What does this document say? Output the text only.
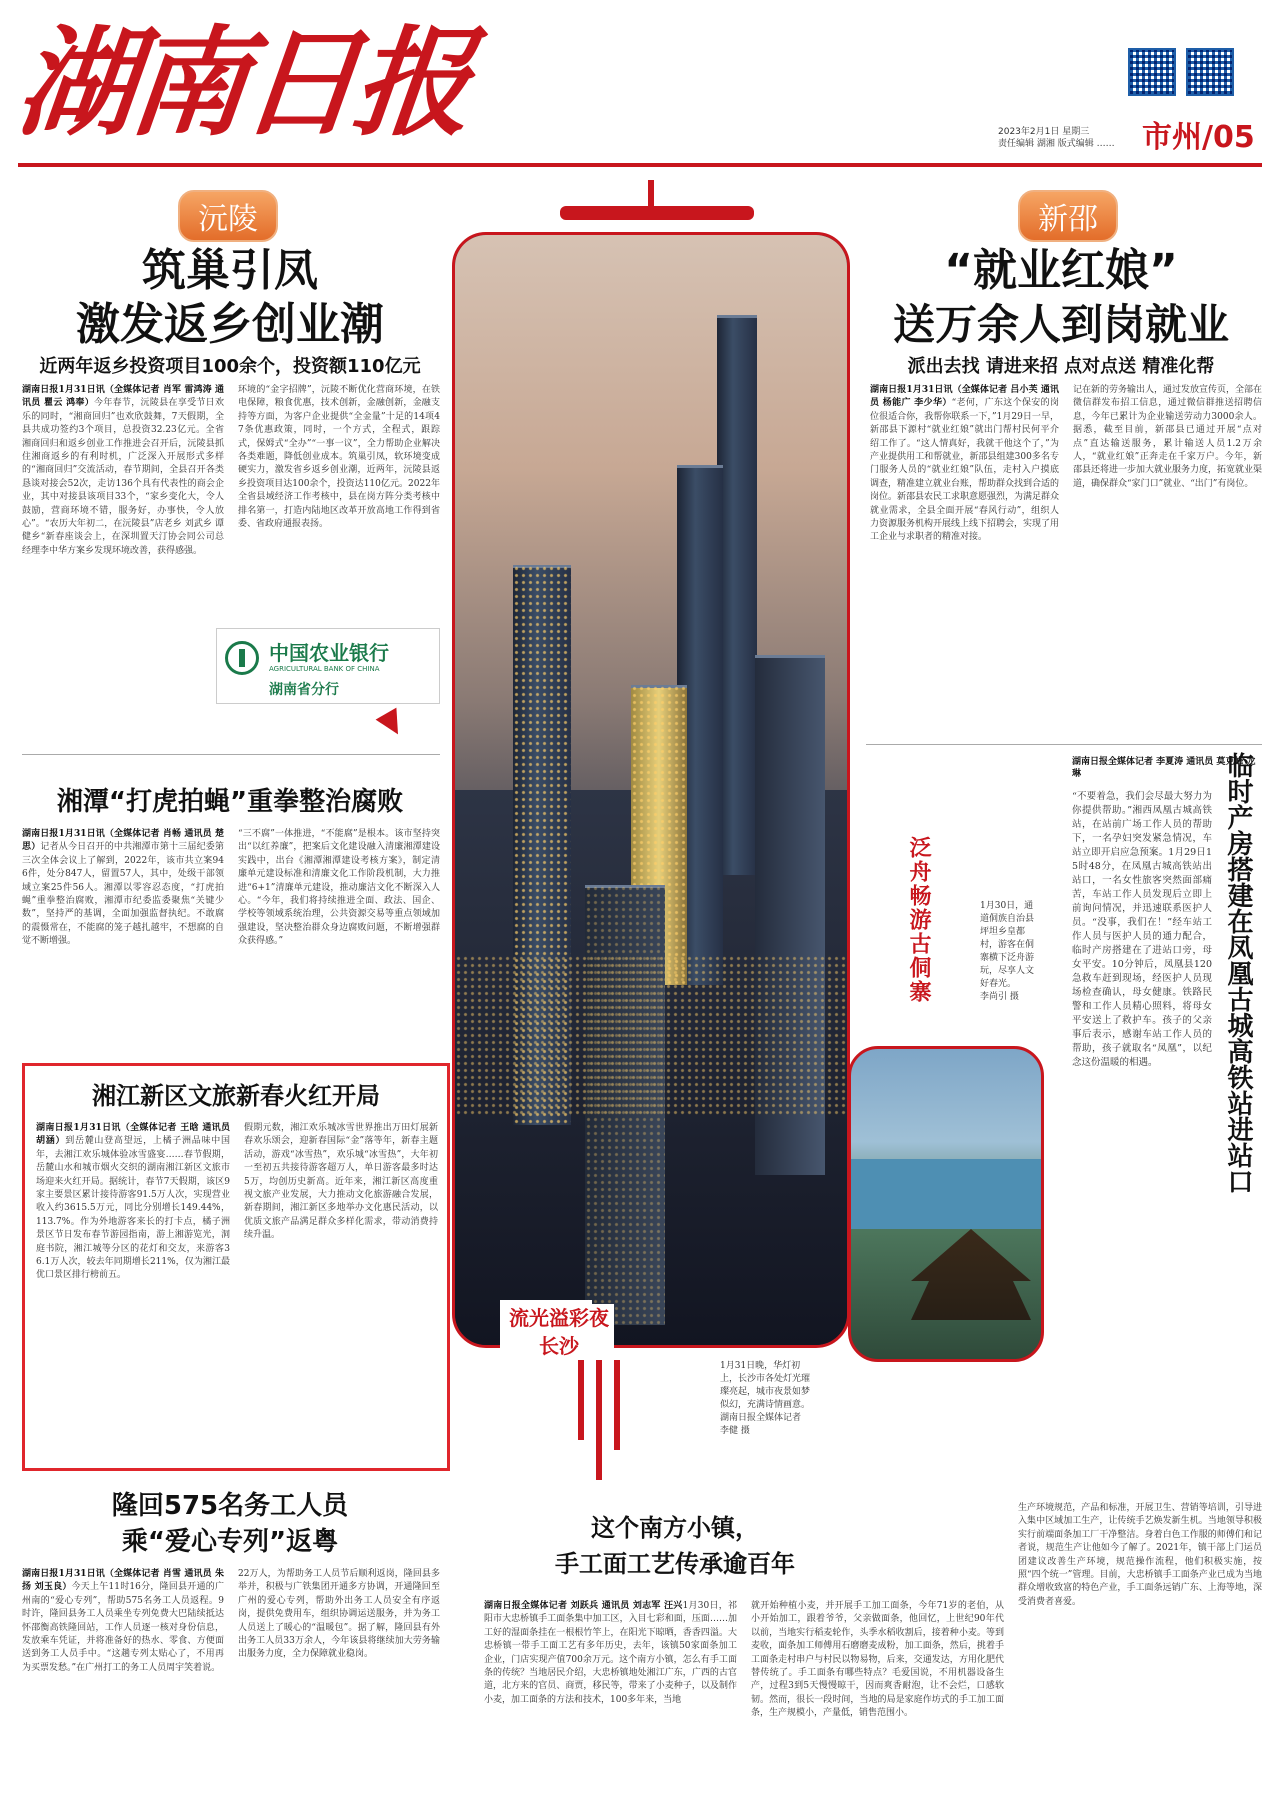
湖南日报	2023年2月1日 星期三
责任编辑 湖湘 版式编辑 …… 市州/05
沅陵
筑巢引凤
激发返乡创业潮
近两年返乡投资项目100余个，投资额110亿元
湖南日报1月31日讯（全媒体记者 肖军 雷鸿涛 通讯员 瞿云 鸿奉）今年春节，沅陵县在享受节日欢乐的同时，“湘商回归”也欢欣鼓舞，7天假期，全县共成功签约3个项目，总投资32.23亿元。全省湘商回归和返乡创业工作推进会召开后，沅陵县抓住湘商返乡的有利时机，广泛深入开展形式多样的“湘商回归”交流活动，春节期间，全县召开各类恳谈对接会52次，走访136个具有代表性的商会企业，其中对接县该项目33个，“家乡变化大，令人鼓励，营商环境不错，服务好，办事快，令人放心”。“农历大年初二，在沅陵县”店老乡 刘武乡 谭健乡“新春座谈会上，在深圳置天汀协会同公司总经理李中华方案乡发现环境改善，获得感强。
环境的“金字招牌”，沅陵不断优化营商环境，在铁电保障，粮食优惠，技术创新，金融创新，金融支持等方面，为客户企业提供“全金量”十足的14项47条优惠政策，同时，一个方式，全程式，跟踪式，保姆式“全办”“一事一议”，全力帮助企业解决各类难题，降低创业成本。筑巢引凤，软环境变成硬实力，激发省乡返乡创业潮，近两年，沅陵县返乡投资项目达100余个，投资达110亿元。2022年全省县域经济工作考核中，县在岗方阵分类考核中排名第一，打造内陆地区改革开放高地工作得到省委、省政府通报表扬。
中国农业银行
AGRICULTURAL BANK OF CHINA
湖南省分行
湘潭“打虎拍蝇”重拳整治腐败
湖南日报1月31日讯（全媒体记者 肖畅 通讯员 楚思）记者从今日召开的中共湘潭市第十三届纪委第三次全体会议上了解到，2022年，该市共立案946件，处分847人，留置57人，其中，处级干部领域立案25件56人。湘潭以零容忍态度，“打虎拍蝇”重拳整治腐败，湘潭市纪委监委聚焦“关键少数”，坚持严的基调，全面加强监督执纪。不敢腐的震慑常在，不能腐的笼子越扎越牢，不想腐的自觉不断增强。
“三不腐”一体推进，“不能腐”是根本。该市坚持突出“以红养廉”，把案后文化建设融入清廉湘潭建设实践中，出台《湘潭湘潭建设考核方案》，制定清廉单元建设标准和清廉文化工作阶段机制，大力推进“6+1”清廉单元建设，推动廉洁文化不断深入人心。“今年，我们将持续推进全面、政法、国企、学校等领域系统治理，公共资源交易等重点领域加强建设，坚决整治群众身边腐败问题，不断增强群众获得感。”
湘江新区文旅新春火红开局
湖南日报1月31日讯（全媒体记者 王晗 通讯员 胡涵）到岳麓山登高望远，上橘子洲品味中国年，去湘江欢乐城体验冰雪盛宴……春节假期，岳麓山水和城市烟火交织的湖南湘江新区文旅市场迎来火红开局。据统计，春节7天假期，该区9家主要景区累计接待游客91.5万人次，实现营业收入约3615.5万元，同比分别增长149.44%，113.7%。作为外地游客来长的打卡点，橘子洲景区节日发布春节游园指南，游上湘游览光，洞庭书院，湘江城等分区的花灯和交友，来游客36.1万人次，较去年同期增长211%，仅为湘江最优口景区排行榜前五。
假期元数，湘江欢乐城冰雪世界推出万田灯展新春欢乐颂会，迎新春国际“金”落等年，新春主题活动，游戏“冰雪热”，欢乐城“冰雪热”，大年初一至初五共接待游客超万人，单日游客最多时达5万，均创历史新高。近年来，湘江新区高度重视文旅产业发展，大力推动文化旅游融合发展，新春期间，湘江新区多地举办文化惠民活动，以优质文旅产品满足群众多样化需求，带动消费持续升温。
隆回575名务工人员
乘“爱心专列”返粤
湖南日报1月31日讯（全媒体记者 肖雪 通讯员 朱扬 刘玉良）今天上午11时16分，隆回县开通的广州南的“爱心专列”，帮助575名务工人员返程。9时许，隆回县务工人员乘坐专列免费大巴陆续抵达怀邵衡高铁隆回站，工作人员逐一核对身份信息，发放乘车凭证，并将准备好的热水、零食、方便面送到务工人员手中。“这趟专列太贴心了，不用再为买票发愁。”在广州打工的务工人员周宇笑着说。
22万人，为帮助务工人员节后顺利返岗，隆回县多举并，积极与广铁集团开通多方协调，开通隆回至广州的爱心专列，帮助外出务工人员安全有序返岗，提供免费用车，组织协调运送服务，并为务工人员送上了暖心的“温暖包”。据了解，隆回县有外出务工人员33万余人，今年该县将继续加大劳务输出服务力度，全力保障就业稳岗。
流光溢彩夜长沙
1月31日晚，华灯初上，长沙市各处灯光璀璨亮起，城市夜景如梦似幻，充满诗情画意。
湖南日报全媒体记者 李健 摄
新邵
“就业红娘”
送万余人到岗就业
派出去找 请进来招 点对点送 精准化帮
湖南日报1月31日讯（全媒体记者 吕小芙 通讯员 杨能广 李少华）“老何，广东这个保安的岗位很适合你，我帮你联系一下，”1月29日一早，新邵县下源村“就业红娘”就出门帮村民何平介绍工作了。“这人情真好，我就干他这个了，”为产业提供用工和帮就业，新邵县组建300多名专门服务人员的“就业红娘”队伍，走村入户摸底调查，精准建立就业台账，帮助群众找到合适的岗位。新邵县农民工求职意愿强烈，为满足群众就业需求，全县全面开展“春风行动”，组织人力资源服务机构开展线上线下招聘会，实现了用工企业与求职者的精准对接。
记在新的劳务输出人，通过发放宣传页，全部在微信群发布招工信息，通过微信群推送招聘信息，今年已累计为企业输送劳动力3000余人。据悉，截至目前，新邵县已通过开展“点对点”直达输送服务，累计输送人员1.2万余人，“就业红娘”正奔走在千家万户。今年，新邵县还将进一步加大就业服务力度，拓宽就业渠道，确保群众“家门口”就业、“出门”有岗位。
泛舟畅游古侗寨	1月30日，通道侗族自治县坪坦乡皇都村，游客在侗寨横下泛舟游玩，尽享人文好春光。
李尚引 摄
湖南日报全媒体记者 李夏涛 通讯员 莫克峰 龙琳
“不要着急，我们会尽最大努力为你提供帮助。”湘西凤凰古城高铁站，在站前广场工作人员的帮助下，一名孕妇突发紧急情况，车站立即开启应急预案。1月29日15时48分，在凤凰古城高铁站出站口，一名女性旅客突然面部痛苦，车站工作人员发现后立即上前询问情况，并迅速联系医护人员。“没事，我们在！”经车站工作人员与医护人员的通力配合，临时产房搭建在了进站口旁，母女平安。10分钟后，凤凰县120急救车赶到现场，经医护人员现场检查确认，母女健康。铁路民警和工作人员精心照料，将母女平安送上了救护车。孩子的父亲事后表示，感谢车站工作人员的帮助，孩子就取名“凤凰”，以纪念这份温暖的相遇。	临时产房搭建在凤凰古城高铁站进站口
这个南方小镇，
手工面工艺传承逾百年
湖南日报全媒体记者 刘跃兵 通讯员 刘志军 汪兴1月30日，祁阳市大忠桥镇手工面条集中加工区，入目七彩和面，压面……加工好的湿面条挂在一根根竹竿上，在阳光下晾晒，香香四溢。大忠桥镇一带手工面工艺有多年历史，去年，该镇50家面条加工企业，门店实现产值700余万元。这个南方小镇，怎么有手工面条的传统？当地居民介绍，大忠桥镇地处湘江广东，广西的古官道，北方来的官员、商贾，移民等，带来了小麦种子，以及制作小麦，加工面条的方法和技术，100多年来，当地
就开始种植小麦，并开展手工加工面条，今年71岁的老伯，从小开始加工，跟着爷爷，父亲做面条，他回忆，上世纪90年代以前，当地实行稻麦轮作，头季水稻收割后，接着种小麦。等到麦收，面条加工师傅用石磨磨麦成粉，加工面条，然后，挑着手工面条走村串户与村民以物易物，后来，交通发达，方用化肥代替传统了。手工面条有哪些特点？毛爱国说，不用机器设备生产，过程3到5天慢慢晾干，因而爽香耐泡，让不会烂，口感软韧。然而，很长一段时间，当地的局是家庭作坊式的手工加工面条，生产规模小，产量低，销售范围小。
生产环境规范，产品和标准，开展卫生、营销等培训，引导进入集中区域加工生产，让传统手艺焕发新生机。当地领导积极实行前端面条加工厂干净整洁。身着白色工作服的师傅们和记者说，规范生产让他如今了解了。2021年，镇干部上门运员团建议改善生产环境，规范操作流程，他们积极实施，按照“四个统一”管理。目前，大忠桥镇手工面条产业已成为当地群众增收致富的特色产业，手工面条远销广东、上海等地，深受消费者喜爱。
